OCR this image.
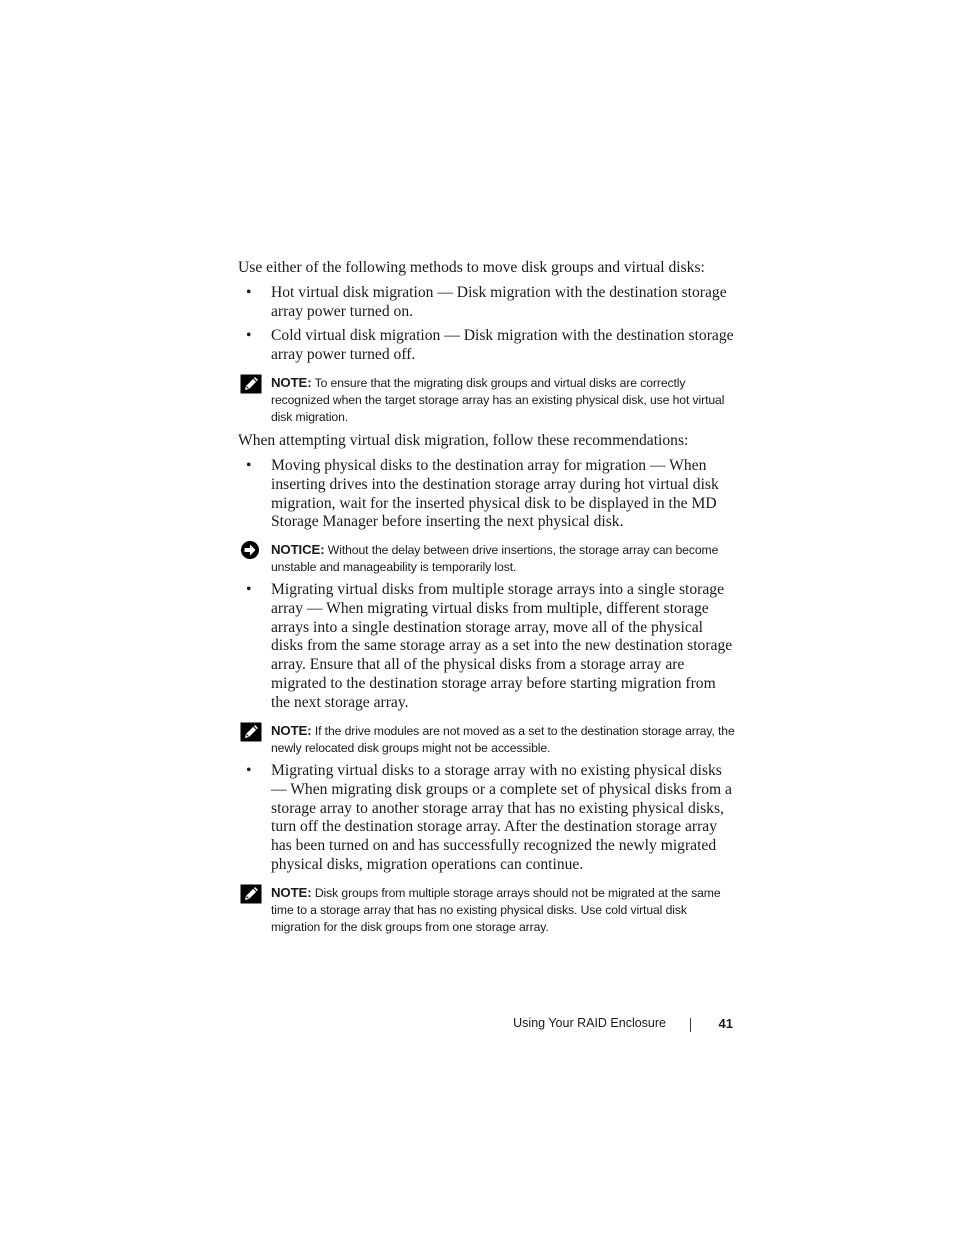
Use either of the following methods to move disk groups and virtual disks:

• Hot virtual disk migration — Disk migration with the destination storage array power turned on.
• Cold virtual disk migration — Disk migration with the destination storage array power turned off.
NOTE: To ensure that the migrating disk groups and virtual disks are correctly recognized when the target storage array has an existing physical disk, use hot virtual disk migration.

When attempting virtual disk migration, follow these recommendations:

• Moving physical disks to the destination array for migration — When inserting drives into the destination storage array during hot virtual disk migration, wait for the inserted physical disk to be displayed in the MD Storage Manager before inserting the next physical disk.
NOTICE: Without the delay between drive insertions, the storage array can become unstable and manageability is temporarily lost.
• Migrating virtual disks from multiple storage arrays into a single storage array — When migrating virtual disks from multiple, different storage arrays into a single destination storage array, move all of the physical disks from the same storage array as a set into the new destination storage array. Ensure that all of the physical disks from a storage array are migrated to the destination storage array before starting migration from the next storage array.
NOTE: If the drive modules are not moved as a set to the destination storage array, the newly relocated disk groups might not be accessible.
• Migrating virtual disks to a storage array with no existing physical disks — When migrating disk groups or a complete set of physical disks from a storage array to another storage array that has no existing physical disks, turn off the destination storage array. After the destination storage array has been turned on and has successfully recognized the newly migrated physical disks, migration operations can continue.
NOTE: Disk groups from multiple storage arrays should not be migrated at the same time to a storage array that has no existing physical disks. Use cold virtual disk migration for the disk groups from one storage array.
Using Your RAID Enclosure	41
